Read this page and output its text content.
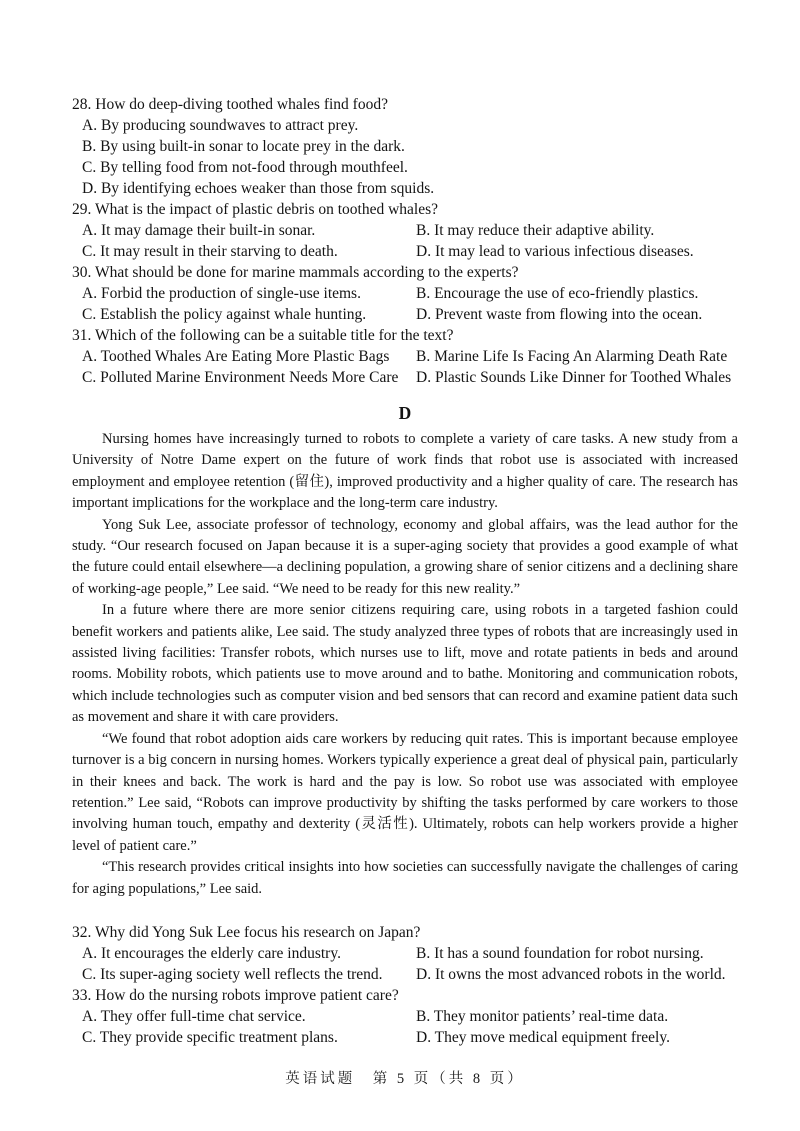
28. How do deep-diving toothed whales find food?

A. By producing soundwaves to attract prey.
B. By using built-in sonar to locate prey in the dark.
C. By telling food from not-food through mouthfeel.
D. By identifying echoes weaker than those from squids.

29. What is the impact of plastic debris on toothed whales?

A. It may damage their built-in sonar.	B. It may reduce their adaptive ability.
C. It may result in their starving to death.	D. It may lead to various infectious diseases.

30. What should be done for marine mammals according to the experts?

A. Forbid the production of single-use items.	B. Encourage the use of eco-friendly plastics.
C. Establish the policy against whale hunting.	D. Prevent waste from flowing into the ocean.

31. Which of the following can be a suitable title for the text?

A. Toothed Whales Are Eating More Plastic Bags	B. Marine Life Is Facing An Alarming Death Rate
C. Polluted Marine Environment Needs More Care	D. Plastic Sounds Like Dinner for Toothed Whales
D

Nursing homes have increasingly turned to robots to complete a variety of care tasks. A new study from a University of Notre Dame expert on the future of work finds that robot use is associated with increased employment and employee retention (留住), improved productivity and a higher quality of care. The research has important implications for the workplace and the long-term care industry.

Yong Suk Lee, associate professor of technology, economy and global affairs, was the lead author for the study. “Our research focused on Japan because it is a super-aging society that provides a good example of what the future could entail elsewhere—a declining population, a growing share of senior citizens and a declining share of working-age people,” Lee said. “We need to be ready for this new reality.”

In a future where there are more senior citizens requiring care, using robots in a targeted fashion could benefit workers and patients alike, Lee said. The study analyzed three types of robots that are increasingly used in assisted living facilities: Transfer robots, which nurses use to lift, move and rotate patients in beds and around rooms. Mobility robots, which patients use to move around and to bathe. Monitoring and communication robots, which include technologies such as computer vision and bed sensors that can record and examine patient data such as movement and share it with care providers.

“We found that robot adoption aids care workers by reducing quit rates. This is important because employee turnover is a big concern in nursing homes. Workers typically experience a great deal of physical pain, particularly in their knees and back. The work is hard and the pay is low. So robot use was associated with employee retention.” Lee said, “Robots can improve productivity by shifting the tasks performed by care workers to those involving human touch, empathy and dexterity (灵活性). Ultimately, robots can help workers provide a higher level of patient care.”

“This research provides critical insights into how societies can successfully navigate the challenges of caring for aging populations,” Lee said.

32. Why did Yong Suk Lee focus his research on Japan?

A. It encourages the elderly care industry.	B. It has a sound foundation for robot nursing.
C. Its super-aging society well reflects the trend.	D. It owns the most advanced robots in the world.

33. How do the nursing robots improve patient care?

A. They offer full-time chat service.	B. They monitor patients’ real-time data.
C. They provide specific treatment plans.	D. They move medical equipment freely.
英语试题　第 5 页（共 8 页）
